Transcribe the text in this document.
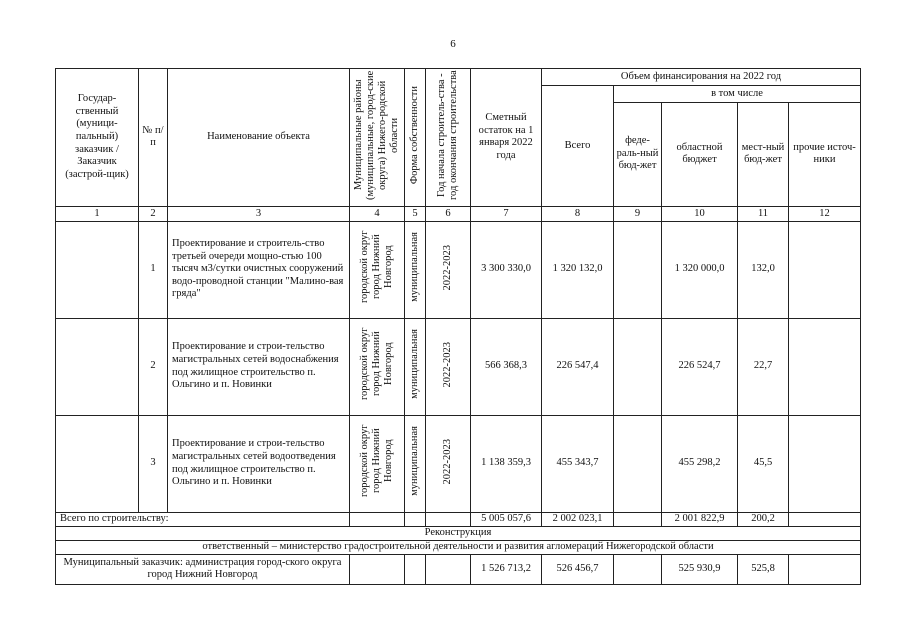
6
Государ-ственный (муници-пальный) заказчик / Заказчик (застрой-щик)	№ п/п	Наименование объекта	Муниципальные районы (муниципальные, город-ские округа) Нижего-родской области	Форма собственности	Год начала строитель-ства - год окончания строительства	Сметный остаток на 1 января 2022 года	Объем финансирования на 2022 год				
							Всего	в том числе			
								феде-раль-ный бюд-жет	областной бюджет	мест-ный бюд-жет	прочие источ-ники
1	2	3	4	5	6	7	8	9	10	11	12
	1	Проектирование и строитель-ство третьей очереди мощно-стью 100 тысяч м3/сутки очистных сооружений водо-проводной станции "Малино-вая гряда"	городской округ город Нижний Новгород	муниципальная	2022-2023	3 300 330,0	1 320 132,0		1 320 000,0	132,0	
	2	Проектирование и строи-тельство магистральных сетей водоснабжения под жилищное строительство п. Ольгино и п. Новинки	городской округ город Нижний Новгород	муниципальная	2022-2023	566 368,3	226 547,4		226 524,7	22,7	
	3	Проектирование и строи-тельство магистральных сетей водоотведения под жилищное строительство п. Ольгино и п. Новинки	городской округ город Нижний Новгород	муниципальная	2022-2023	1 138 359,3	455 343,7		455 298,2	45,5	
Всего по строительству:						5 005 057,6	2 002 023,1		2 001 822,9	200,2	
Реконструкция											
ответственный – министерство градостроительной деятельности и развития агломераций Нижегородской области											
Муниципальный заказчик: администрация город-ского округа город Нижний Новгород						1 526 713,2	526 456,7		525 930,9	525,8	
